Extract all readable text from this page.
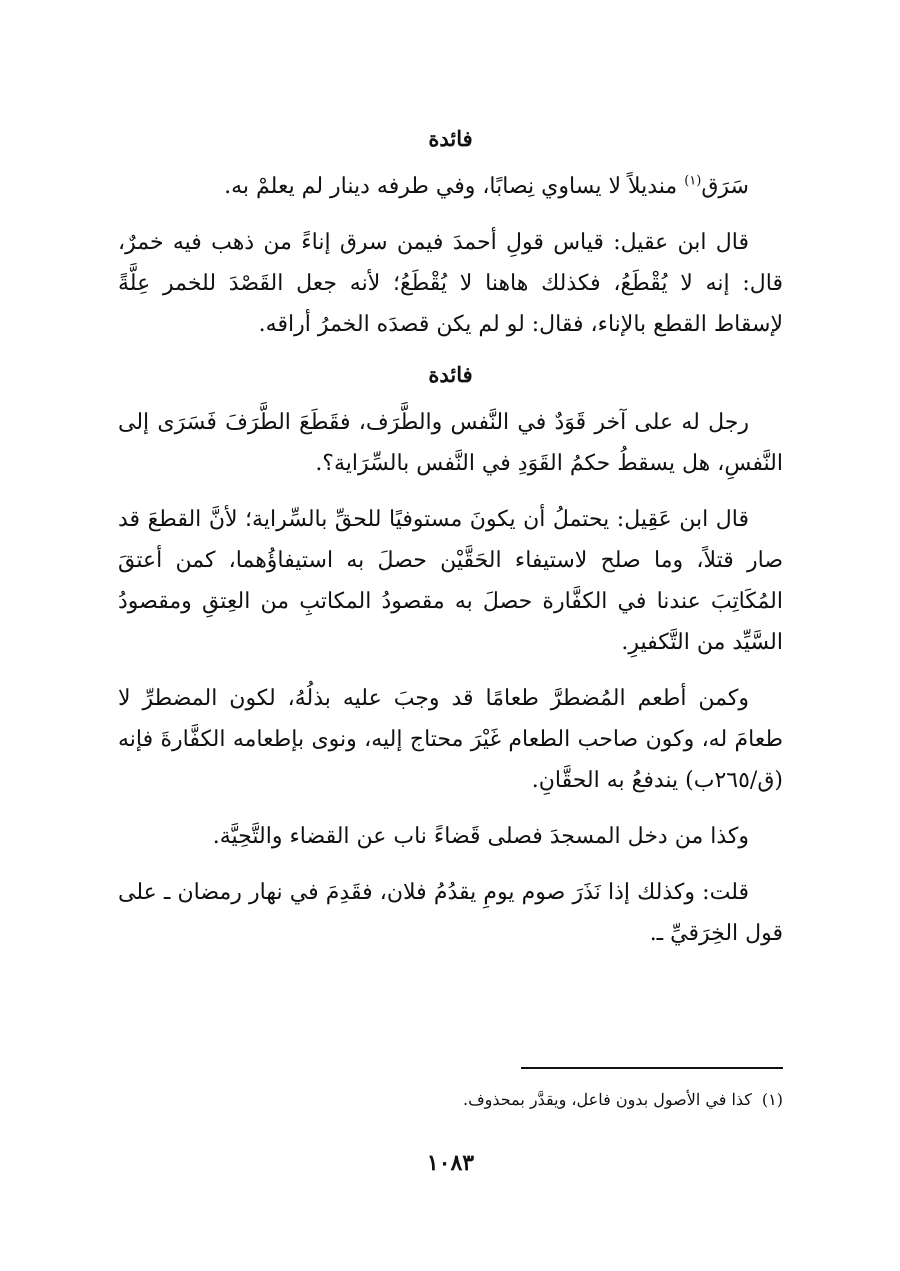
فائدة

سَرَق$^{(١)}$ منديلاً لا يساوي نِصابًا، وفي طرفه دينار لم يعلمْ به.

قال ابن عقيل: قياس قولِ أحمدَ فيمن سرق إناءً من ذهب فيه خمرٌ، قال: إنه لا يُقْطَعُ، فكذلك هاهنا لا يُقْطَعُ؛ لأنه جعل القَصْدَ للخمر عِلَّةً لإسقاط القطع بالإناء، فقال: لو لم يكن قصدَه الخمرُ أراقه.

فائدة

رجل له على آخر قَوَدٌ في النَّفس والطَّرَف، فقَطَعَ الطَّرَفَ فَسَرَى إلى النَّفسِ، هل يسقطُ حكمُ القَوَدِ في النَّفس بالسِّرَاية؟.

قال ابن عَقِيل: يحتملُ أن يكونَ مستوفيًا للحقِّ بالسِّراية؛ لأنَّ القطعَ قد صار قتلاً، وما صلح لاستيفاء الحَقَّيْن حصلَ به استيفاؤُهما، كمن أعتقَ المُكَاتِبَ عندنا في الكفَّارة حصلَ به مقصودُ المكاتبِ من العِتقِ ومقصودُ السَّيِّد من التَّكفيرِ.

وكمن أطعم المُضطرَّ طعامًا قد وجبَ عليه بذلُهُ، لكون المضطرِّ لا طعامَ له، وكون صاحب الطعام غَيْرَ محتاج إليه، ونوى بإطعامه الكفَّارةَ فإنه (ق/٢٦٥ب) يندفعُ به الحقَّانِ.

وكذا من دخل المسجدَ فصلى قَضاءً ناب عن القضاء والتَّحِيَّة.

قلت: وكذلك إذا نَذَرَ صوم يومِ يقدُمُ فلان، فقَدِمَ في نهار رمضان ـ على قول الخِرَقيِّ ـ.

(١)كذا في الأصول بدون فاعل، ويقدَّر بمحذوف.
١٠٨٣
